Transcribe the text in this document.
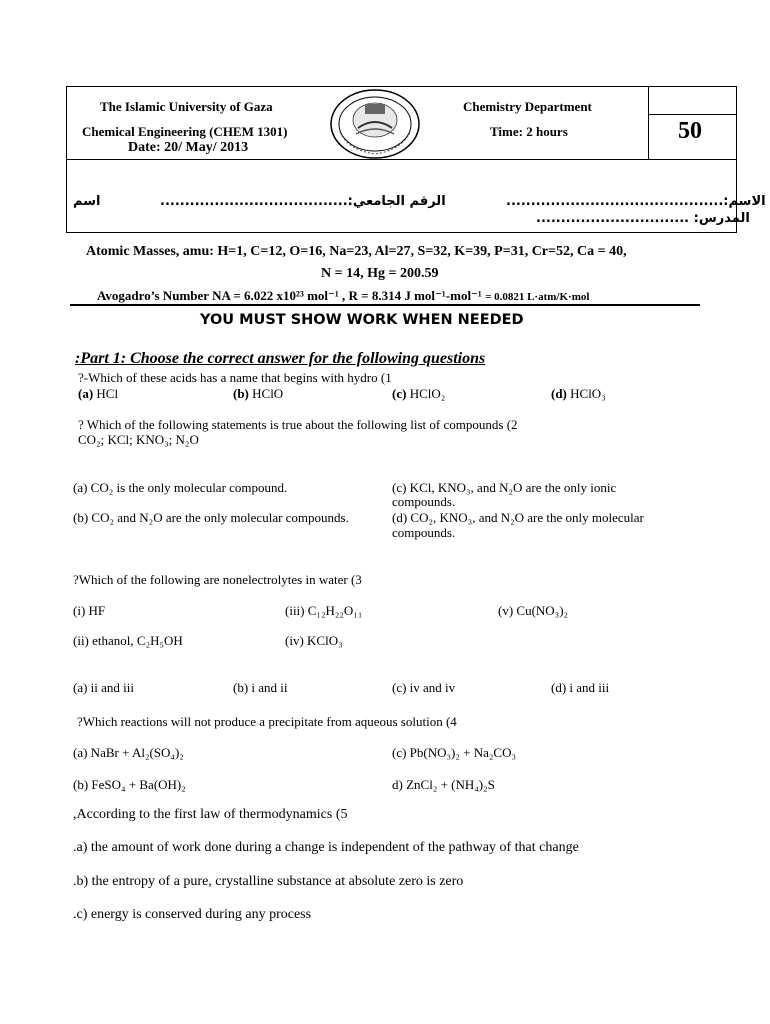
The Islamic University of Gaza
Chemical Engineering (CHEM 1301)
Date: 20/ May/ 2013
Chemistry Department
Time: 2 hours	50
الاسم:............................................
المدرس: ...............................
الرقم الجامعي:......................................
اسم
Atomic Masses, amu: H=1, C=12, O=16, Na=23, Al=27, S=32, K=39, P=31, Cr=52, Ca = 40,
N = 14, Hg = 200.59
Avogadro’s Number NA = 6.022 x10²³ mol⁻¹ , R = 8.314 J mol⁻¹-mol⁻¹ = 0.0821 L·atm/K·mol
YOU MUST SHOW WORK WHEN NEEDED
:Part 1: Choose the correct answer for the following questions
?-Which of these acids has a name that begins with hydro (1
(a) HCl	(b) HClO	(c) HClO₂	(d) HClO₃
? Which of the following statements is true about the following list of compounds (2
CO₂; KCl; KNO₃; N₂O
(a) CO₂ is the only molecular compound.
(b) CO₂ and N₂O are the only molecular compounds.
(c) KCl, KNO₃, and N₂O are the only ionic
compounds.
(d) CO₂, KNO₃, and N₂O are the only molecular
compounds.
?Which of the following are nonelectrolytes in water (3
(i) HF	(iii) C₁₂H₂₂O₁₁	(v) Cu(NO₃)₂
(ii) ethanol, C₂H₅OH	(iv) KClO₃
(a) ii and iii	(b) i and ii	(c) iv and iv	(d) i and iii
?Which reactions will not produce a precipitate from aqueous solution (4
(a) NaBr + Al₂(SO₄)₂	(c) Pb(NO₃)₂ + Na₂CO₃
(b) FeSO₄ + Ba(OH)₂	d) ZnCl₂ + (NH₄)₂S
,According to the first law of thermodynamics (5
.a) the amount of work done during a change is independent of the pathway of that change
.b) the entropy of a pure, crystalline substance at absolute zero is zero
.c) energy is conserved during any process
